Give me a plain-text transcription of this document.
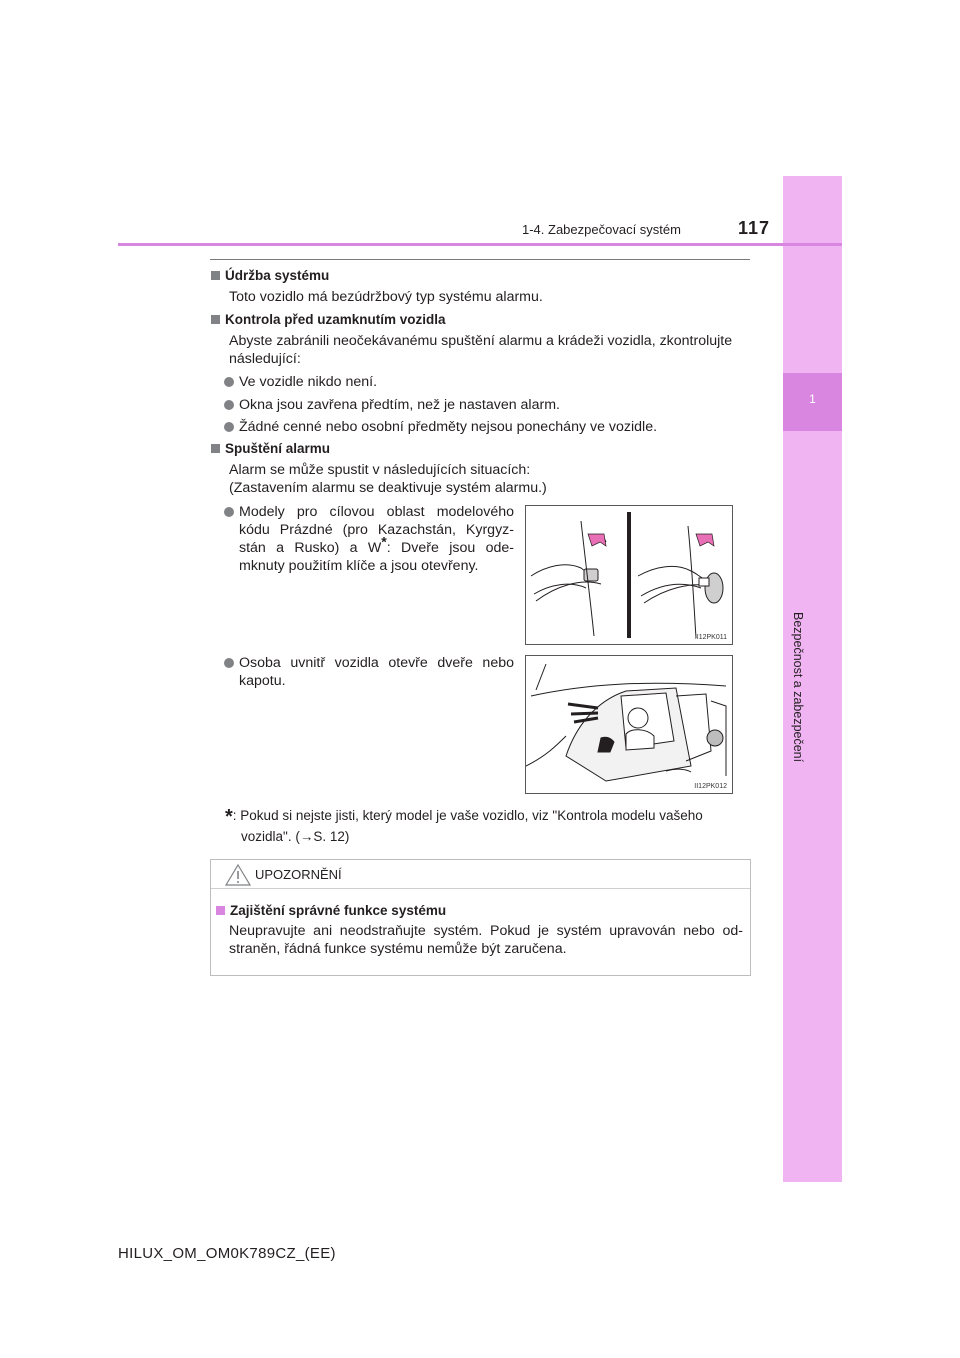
1
Bezpečnost a zabezpečení
1-4. Zabezpečovací systém	117
Údržba systému
Toto vozidlo má bezúdržbový typ systému alarmu.
Kontrola před uzamknutím vozidla
Abyste zabránili neočekávanému spuštění alarmu a krádeži vozidla, zkontrolujte
následující:
Ve vozidle nikdo není.
Okna jsou zavřena předtím, než je nastaven alarm.
Žádné cenné nebo osobní předměty nejsou ponechány ve vozidle.
Spuštění alarmu
Alarm se může spustit v následujících situacích:
(Zastavením alarmu se deaktivuje systém alarmu.)
Modely pro cílovou oblast modelového
kódu Prázdné (pro Kazachstán, Kyrgyz-
stán a Rusko) a W*: Dveře jsou ode-
mknuty použitím klíče a jsou otevřeny.
II12PK011
Osoba uvnitř vozidla otevře dveře nebo
kapotu.
II12PK012
*: Pokud si nejste jisti, který model je vaše vozidlo, viz "Kontrola modelu vašeho
vozidla". (→S. 12)
UPOZORNĚNÍ
Zajištění správné funkce systému
Neupravujte ani neodstraňujte systém. Pokud je systém upravován nebo od-
straněn, řádná funkce systému nemůže být zaručena.
HILUX_OM_OM0K789CZ_(EE)
